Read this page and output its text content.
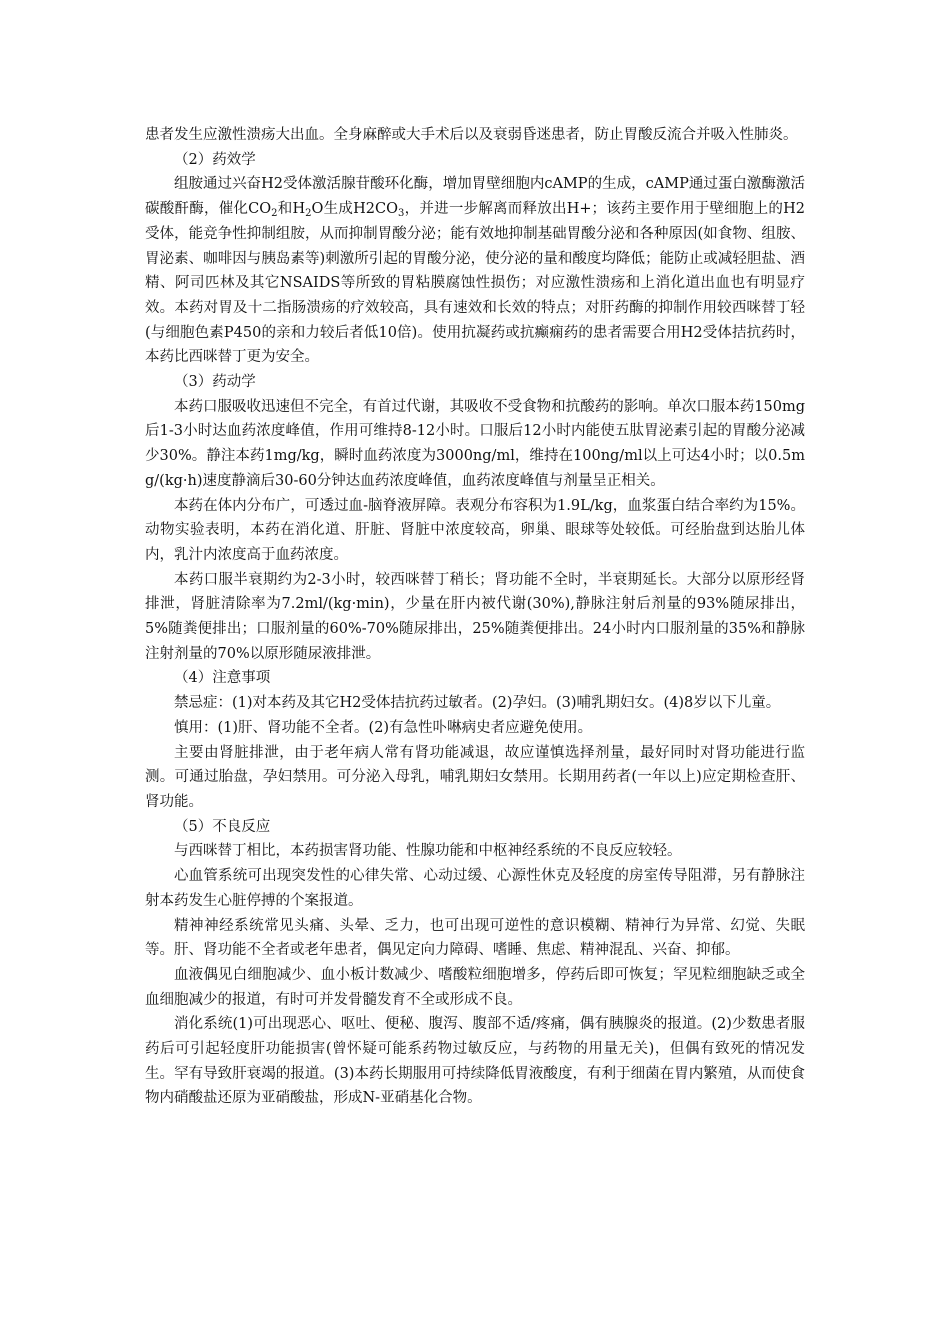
患者发生应激性溃疡大出血。全身麻醉或大手术后以及衰弱昏迷患者，防止胃酸反流合并吸入性肺炎。

（2）药效学

组胺通过兴奋H2受体激活腺苷酸环化酶，增加胃壁细胞内cAMP的生成，cAMP通过蛋白激酶激活碳酸酐酶，催化$CO_2$和$H_2O$生成$H2CO_3$，并进一步解离而释放出H+；该药主要作用于壁细胞上的H2受体，能竞争性抑制组胺，从而抑制胃酸分泌；能有效地抑制基础胃酸分泌和各种原因(如食物、组胺、胃泌素、咖啡因与胰岛素等)刺激所引起的胃酸分泌，使分泌的量和酸度均降低；能防止或减轻胆盐、酒精、阿司匹林及其它NSAIDS等所致的胃粘膜腐蚀性损伤；对应激性溃疡和上消化道出血也有明显疗效。本药对胃及十二指肠溃疡的疗效较高，具有速效和长效的特点；对肝药酶的抑制作用较西咪替丁轻(与细胞色素P450的亲和力较后者低10倍)。使用抗凝药或抗癫痫药的患者需要合用H2受体拮抗药时，本药比西咪替丁更为安全。

（3）药动学

本药口服吸收迅速但不完全，有首过代谢，其吸收不受食物和抗酸药的影响。单次口服本药150mg后1-3小时达血药浓度峰值，作用可维持8-12小时。口服后12小时内能使五肽胃泌素引起的胃酸分泌减少30%。静注本药1mg/kg，瞬时血药浓度为3000ng/ml，维持在100ng/ml以上可达4小时；以0.5mg/(kg·h)速度静滴后30-60分钟达血药浓度峰值，血药浓度峰值与剂量呈正相关。

本药在体内分布广，可透过血-脑脊液屏障。表观分布容积为1.9L/kg，血浆蛋白结合率约为15%。动物实验表明，本药在消化道、肝脏、肾脏中浓度较高，卵巢、眼球等处较低。可经胎盘到达胎儿体内，乳汁内浓度高于血药浓度。

本药口服半衰期约为2-3小时，较西咪替丁稍长；肾功能不全时，半衰期延长。大部分以原形经肾排泄，肾脏清除率为7.2ml/(kg·min)，少量在肝内被代谢(30%),静脉注射后剂量的93%随尿排出，5%随粪便排出；口服剂量的60%-70%随尿排出，25%随粪便排出。24小时内口服剂量的35%和静脉注射剂量的70%以原形随尿液排泄。

（4）注意事项

禁忌症：(1)对本药及其它H2受体拮抗药过敏者。(2)孕妇。(3)哺乳期妇女。(4)8岁以下儿童。

慎用：(1)肝、肾功能不全者。(2)有急性卟啉病史者应避免使用。

主要由肾脏排泄，由于老年病人常有肾功能减退，故应谨慎选择剂量，最好同时对肾功能进行监测。可通过胎盘，孕妇禁用。可分泌入母乳，哺乳期妇女禁用。长期用药者(一年以上)应定期检查肝、肾功能。

（5）不良反应

与西咪替丁相比，本药损害肾功能、性腺功能和中枢神经系统的不良反应较轻。

心血管系统可出现突发性的心律失常、心动过缓、心源性休克及轻度的房室传导阻滞，另有静脉注射本药发生心脏停搏的个案报道。

精神神经系统常见头痛、头晕、乏力，也可出现可逆性的意识模糊、精神行为异常、幻觉、失眠等。肝、肾功能不全者或老年患者，偶见定向力障碍、嗜睡、焦虑、精神混乱、兴奋、抑郁。

血液偶见白细胞减少、血小板计数减少、嗜酸粒细胞增多，停药后即可恢复；罕见粒细胞缺乏或全血细胞减少的报道，有时可并发骨髓发育不全或形成不良。

消化系统(1)可出现恶心、呕吐、便秘、腹泻、腹部不适/疼痛，偶有胰腺炎的报道。(2)少数患者服药后可引起轻度肝功能损害(曾怀疑可能系药物过敏反应，与药物的用量无关)，但偶有致死的情况发生。罕有导致肝衰竭的报道。(3)本药长期服用可持续降低胃液酸度，有利于细菌在胃内繁殖，从而使食物内硝酸盐还原为亚硝酸盐，形成N-亚硝基化合物。
